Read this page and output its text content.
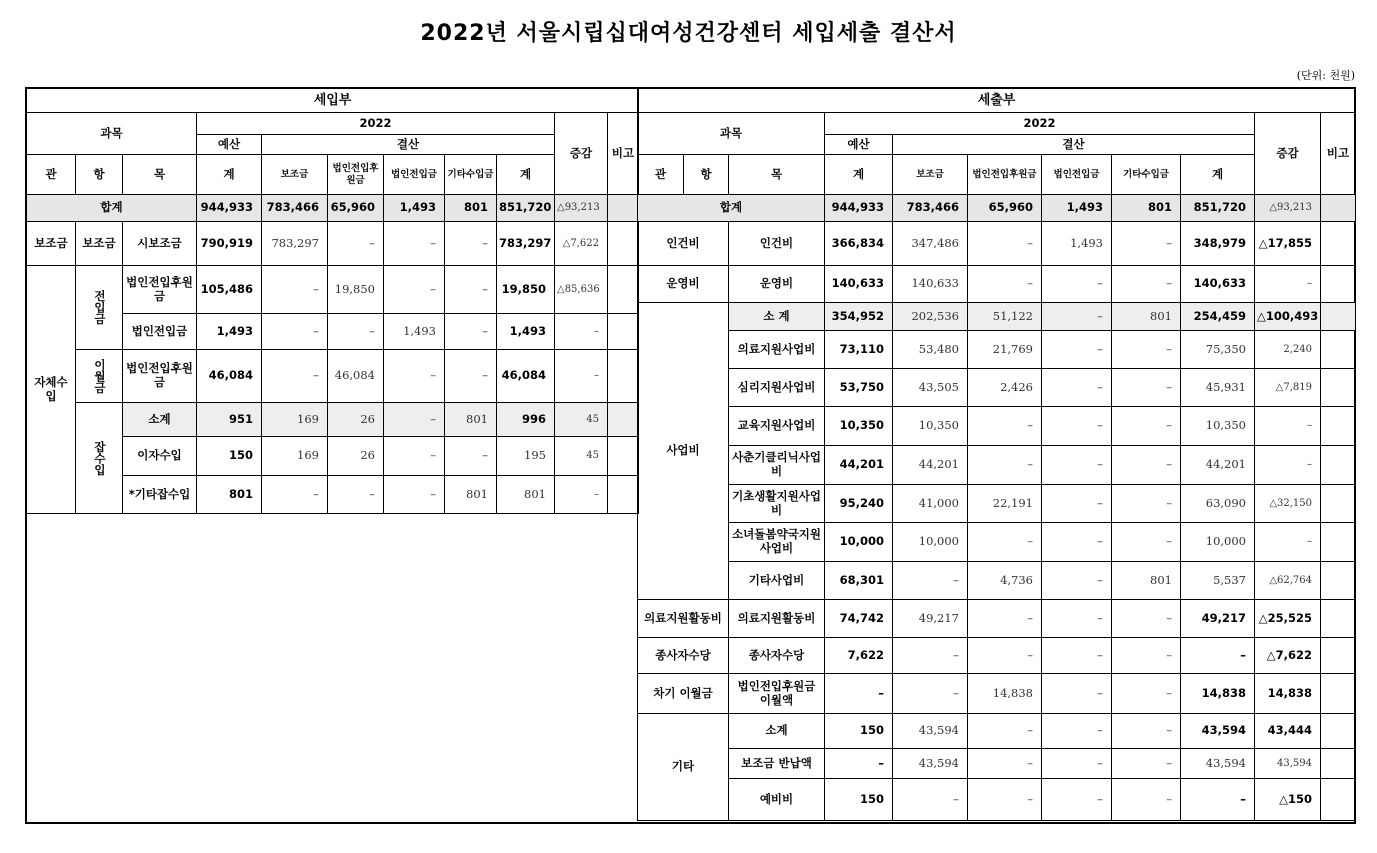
2022년 서울시립십대여성건강센터 세입세출 결산서
(단위: 천원)
세입부										
과목			2022						증감	비고
			예산	결산						
관	항	목	계	보조금	법인전입후원금	법인전입금	기타수입금	계		
합계			944,933	783,466	65,960	1,493	801	851,720	△93,213	
보조금	보조금	시보조금	790,919	783,297	–	–	–	783,297	△7,622	
자체수입	전입금	법인전입후원금	105,486	–	19,850	–	–	19,850	△85,636	
		법인전입금	1,493	–	–	1,493	–	1,493	–	
	이월금	법인전입후원금	46,084	–	46,084	–	–	46,084	–	
	잡수입	소계	951	169	26	–	801	996	45	
		이자수입	150	169	26	–	–	195	45	
		*기타잡수입	801	–	–	–	801	801	–	
세출부										
과목			2022						증감	비고
			예산	결산						
관	항	목	계	보조금	법인전입후원금	법인전입금	기타수입금	계		
합계			944,933	783,466	65,960	1,493	801	851,720	△93,213	
인건비		인건비	366,834	347,486	–	1,493	–	348,979	△17,855	
운영비		운영비	140,633	140,633	–	–	–	140,633	–	
사업비		소 계	354,952	202,536	51,122	–	801	254,459	△100,493	
		의료지원사업비	73,110	53,480	21,769	–	–	75,350	2,240	
		심리지원사업비	53,750	43,505	2,426	–	–	45,931	△7,819	
		교육지원사업비	10,350	10,350	–	–	–	10,350	–	
		사춘기클리닉사업비	44,201	44,201	–	–	–	44,201	–	
		기초생활지원사업비	95,240	41,000	22,191	–	–	63,090	△32,150	
		소녀돌봄약국지원사업비	10,000	10,000	–	–	–	10,000	–	
		기타사업비	68,301	–	4,736	–	801	5,537	△62,764	
의료지원활동비		의료지원활동비	74,742	49,217	–	–	–	49,217	△25,525	
종사자수당		종사자수당	7,622	–	–	–	–	–	△7,622	
차기 이월금		법인전입후원금 이월액	–	–	14,838	–	–	14,838	14,838	
기타		소계	150	43,594	–	–	–	43,594	43,444	
		보조금 반납액	–	43,594	–	–	–	43,594	43,594	
		예비비	150	–	–	–	–	–	△150	
